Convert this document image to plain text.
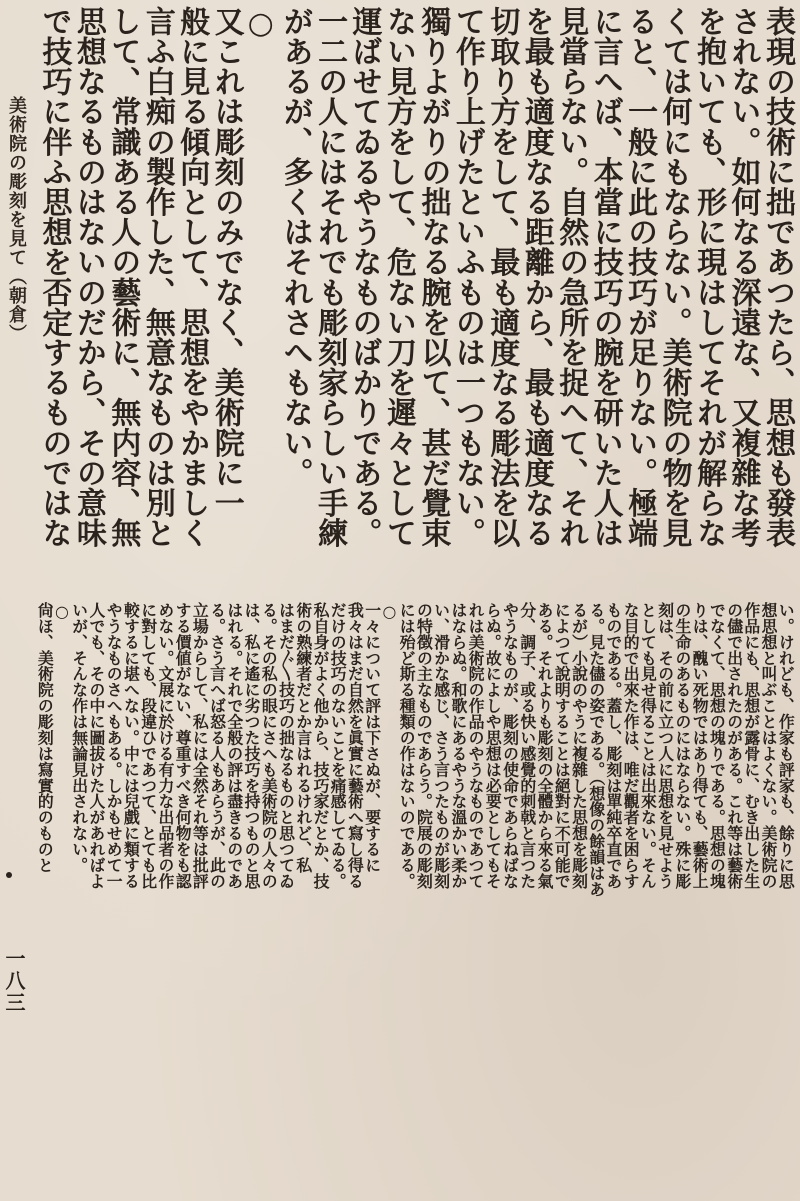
表現の技術に拙であつたら、思想も發表
されない。如何なる深遠な、又複雜な考
を抱いても、形に現はしてそれが解らな
くては何にもならない。美術院の物を見
ると、一般に此の技巧が足りない。極端
に言へば、本當に技巧の腕を研いた人は
見當らない。自然の急所を捉へて、それ
を最も適度なる距離から、最も適度なる
切取り方をして、最も適度なる彫法を以
て作り上げたといふものは一つもない。
獨りよがりの拙なる腕を以て、甚だ覺束
ない見方をして、危ない刀を遲々として
運ばせてゐるやうなものばかりである。
一二の人にはそれでも彫刻家らしい手練
があるが、多くはそれさへもない。
○
又これは彫刻のみでなく、美術院に一
般に見る傾向として、思想をやかましく
言ふ白痴の製作した、無意なものは別と
して、常識ある人の藝術に、無内容、無
思想なるものはないのだから、その意味
で技巧に伴ふ思想を否定するものではな
い。けれども、作家も評家も、餘りに思
想思想と叫ぶことはよくない。美術院の
作品にも、思想が露骨に、むき出した生
の儘で出されたのがある。これ等は藝術
でなくて、思想の塊りである。思想の塊
りは、醜い死物ではあり得ても、藝術上
の生命のあるものにはならない。殊に彫
刻は、その前に立つ人に思想を見せよう
としても見せ得ることは出來ない。そん
な目的で出來た作は、唯だ觀者を困らす
ものである。蓋し、彫刻は單純卒直であ
る。見た儘の姿である。（想像の餘韻はあ
るが）小說のやうに複雜した思想を彫刻
によつて說明することは絕對に不可能で
ある。それよりも彫刻の全體から來る氣
分、調子、或る快い感覺的刺戟と言つた
やうなものが、彫刻の使命であらねばな
らぬ。故によしや思想は必要としてもそ
れは美術院の作品のやうなものであつて
はならぬ。和歌にあるやうな溫かい柔か
い、滑かな感じ、さう言つたものが彫刻
の特徴の主なものであらう。院展の彫刻
には殆ど斯る種類の作はないのである。
○
一々について評は下さぬが、要するに
我々はまだ自然を眞實に藝術へ寫し得る
だけの技巧のないことを痛感してゐる。
私自身がよく他から、技巧家だとか、技
術の熟練者だとか言はれるけれど、私
はまだ〴〵技巧の拙なるものと思つてゐ
る。その私の眼にさへも美術院の人々の
は、私に遙に劣つた技巧を持つものと思
はれる。それで全般の評は盡きるのであ
る。さう言へば怒る人もあらうが、此の
立場からして、私には全然それ等は批評
する價値がない、尊重すべき何物をも認
めない。文展に於ける有力な出品者の作
に對しても、段違ひであつて、とても比
較するに堪へない。中には兒戲に類する
やうなものさへもある。しかもせめて一
人でも、その中に圖拔けた人があればよ
いが、そんな作は無論見出されない。
○
尙ほ、美術院の彫刻は寫實的のものと
美術院の彫刻を見て（朝倉）
一八三
